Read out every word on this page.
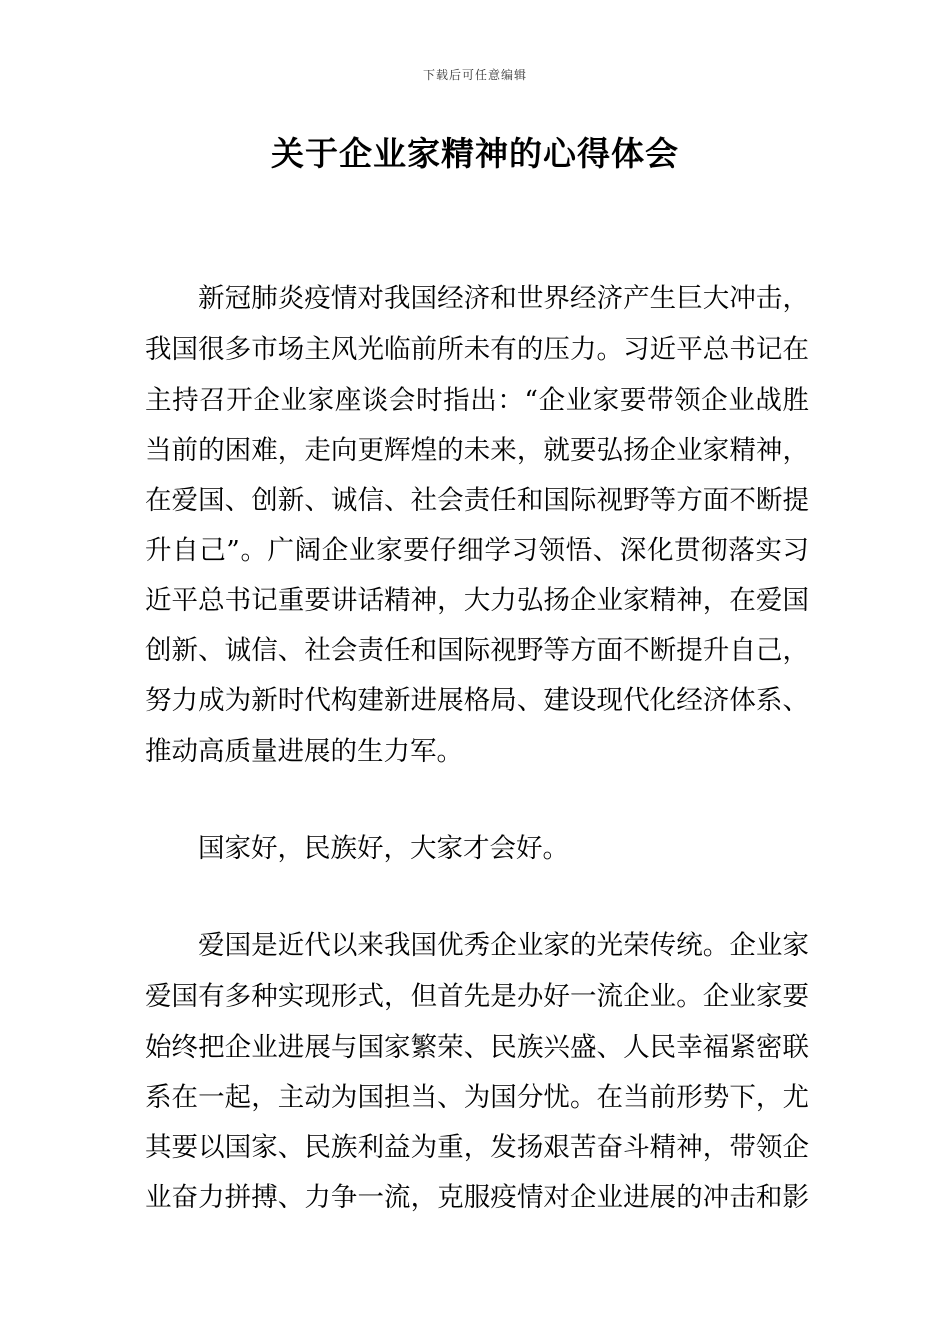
下载后可任意编辑
关于企业家精神的心得体会
新冠肺炎疫情对我国经济和世界经济产生巨大冲击，
我国很多市场主风光临前所未有的压力。习近平总书记在
主持召开企业家座谈会时指出：“企业家要带领企业战胜
当前的困难，走向更辉煌的未来，就要弘扬企业家精神，
在爱国、创新、诚信、社会责任和国际视野等方面不断提
升自己”。广阔企业家要仔细学习领悟、深化贯彻落实习
近平总书记重要讲话精神，大力弘扬企业家精神，在爱国
创新、诚信、社会责任和国际视野等方面不断提升自己，
努力成为新时代构建新进展格局、建设现代化经济体系、
推动高质量进展的生力军。
国家好，民族好，大家才会好。
爱国是近代以来我国优秀企业家的光荣传统。企业家
爱国有多种实现形式，但首先是办好一流企业。企业家要
始终把企业进展与国家繁荣、民族兴盛、人民幸福紧密联
系在一起，主动为国担当、为国分忧。在当前形势下，尤
其要以国家、民族利益为重，发扬艰苦奋斗精神，带领企
业奋力拼搏、力争一流，克服疫情对企业进展的冲击和影
